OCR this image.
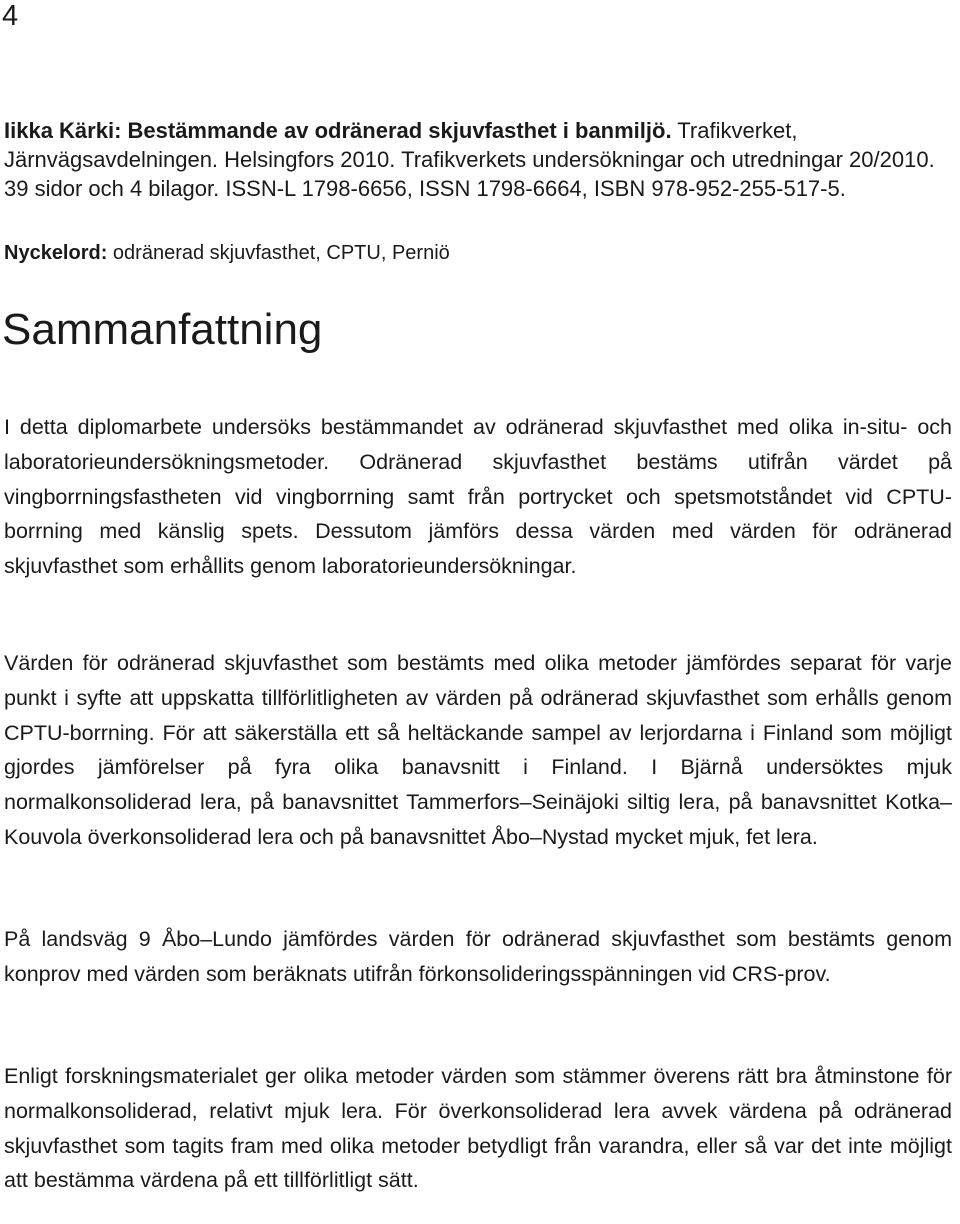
4

Iikka Kärki: Bestämmande av odränerad skjuvfasthet i banmiljö. Trafikverket, Järnvägsavdelningen. Helsingfors 2010. Trafikverkets undersökningar och utredningar 20/2010. 39 sidor och 4 bilagor. ISSN-L 1798-6656, ISSN 1798-6664, ISBN 978-952-255-517-5.

Nyckelord: odränerad skjuvfasthet, CPTU, Perniö

Sammanfattning

I detta diplomarbete undersöks bestämmandet av odränerad skjuvfasthet med olika in-situ- och laboratorieundersökningsmetoder. Odränerad skjuvfasthet bestäms utifrån värdet på vingborrningsfastheten vid vingborrning samt från portrycket och spetsmotståndet vid CPTU-borrning med känslig spets. Dessutom jämförs dessa värden med värden för odränerad skjuvfasthet som erhållits genom laboratorieundersökningar.

Värden för odränerad skjuvfasthet som bestämts med olika metoder jämfördes separat för varje punkt i syfte att uppskatta tillförlitligheten av värden på odränerad skjuvfasthet som erhålls genom CPTU-borrning. För att säkerställa ett så heltäckande sampel av lerjordarna i Finland som möjligt gjordes jämförelser på fyra olika banavsnitt i Finland. I Bjärnå undersöktes mjuk normalkonsoliderad lera, på banavsnittet Tammerfors–Seinäjoki siltig lera, på banavsnittet Kotka–Kouvola överkonsoliderad lera och på banavsnittet Åbo–Nystad mycket mjuk, fet lera.

På landsväg 9 Åbo–Lundo jämfördes värden för odränerad skjuvfasthet som bestämts genom konprov med värden som beräknats utifrån förkonsolideringsspänningen vid CRS-prov.

Enligt forskningsmaterialet ger olika metoder värden som stämmer överens rätt bra åtminstone för normalkonsoliderad, relativt mjuk lera. För överkonsoliderad lera avvek värdena på odränerad skjuvfasthet som tagits fram med olika metoder betydligt från varandra, eller så var det inte möjligt att bestämma värdena på ett tillförlitligt sätt.
